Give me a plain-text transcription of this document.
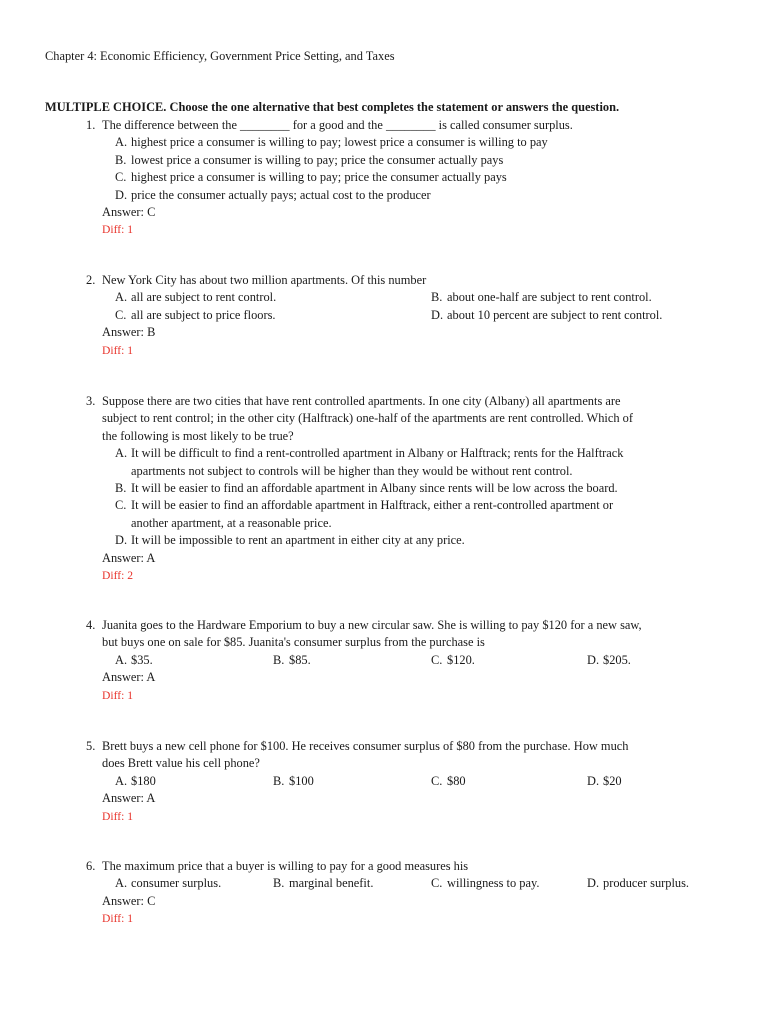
Chapter 4: Economic Efficiency, Government Price Setting, and Taxes
MULTIPLE CHOICE. Choose the one alternative that best completes the statement or answers the question.
1. The difference between the ________ for a good and the ________ is called consumer surplus.
A. highest price a consumer is willing to pay; lowest price a consumer is willing to pay
B. lowest price a consumer is willing to pay; price the consumer actually pays
C. highest price a consumer is willing to pay; price the consumer actually pays
D. price the consumer actually pays; actual cost to the producer
Answer: C
Diff: 1
2. New York City has about two million apartments. Of this number
A. all are subject to rent control.	B. about one-half are subject to rent control.
C. all are subject to price floors.	D. about 10 percent are subject to rent control.
Answer: B
Diff: 1
3. Suppose there are two cities that have rent controlled apartments. In one city (Albany) all apartments are
subject to rent control; in the other city (Halftrack) one-half of the apartments are rent controlled. Which of
the following is most likely to be true?
A. It will be difficult to find a rent-controlled apartment in Albany or Halftrack; rents for the Halftrack
apartments not subject to controls will be higher than they would be without rent control.
B. It will be easier to find an affordable apartment in Albany since rents will be low across the board.
C. It will be easier to find an affordable apartment in Halftrack, either a rent-controlled apartment or
another apartment, at a reasonable price.
D. It will be impossible to rent an apartment in either city at any price.
Answer: A
Diff: 2
4. Juanita goes to the Hardware Emporium to buy a new circular saw. She is willing to pay $120 for a new saw,
but buys one on sale for $85. Juanita's consumer surplus from the purchase is
A. $35.	B. $85.	C. $120.	D. $205.
Answer: A
Diff: 1
5. Brett buys a new cell phone for $100. He receives consumer surplus of $80 from the purchase. How much
does Brett value his cell phone?
A. $180	B. $100	C. $80	D. $20
Answer: A
Diff: 1
6. The maximum price that a buyer is willing to pay for a good measures his
A. consumer surplus.	B. marginal benefit.	C. willingness to pay.	D. producer surplus.
Answer: C
Diff: 1
